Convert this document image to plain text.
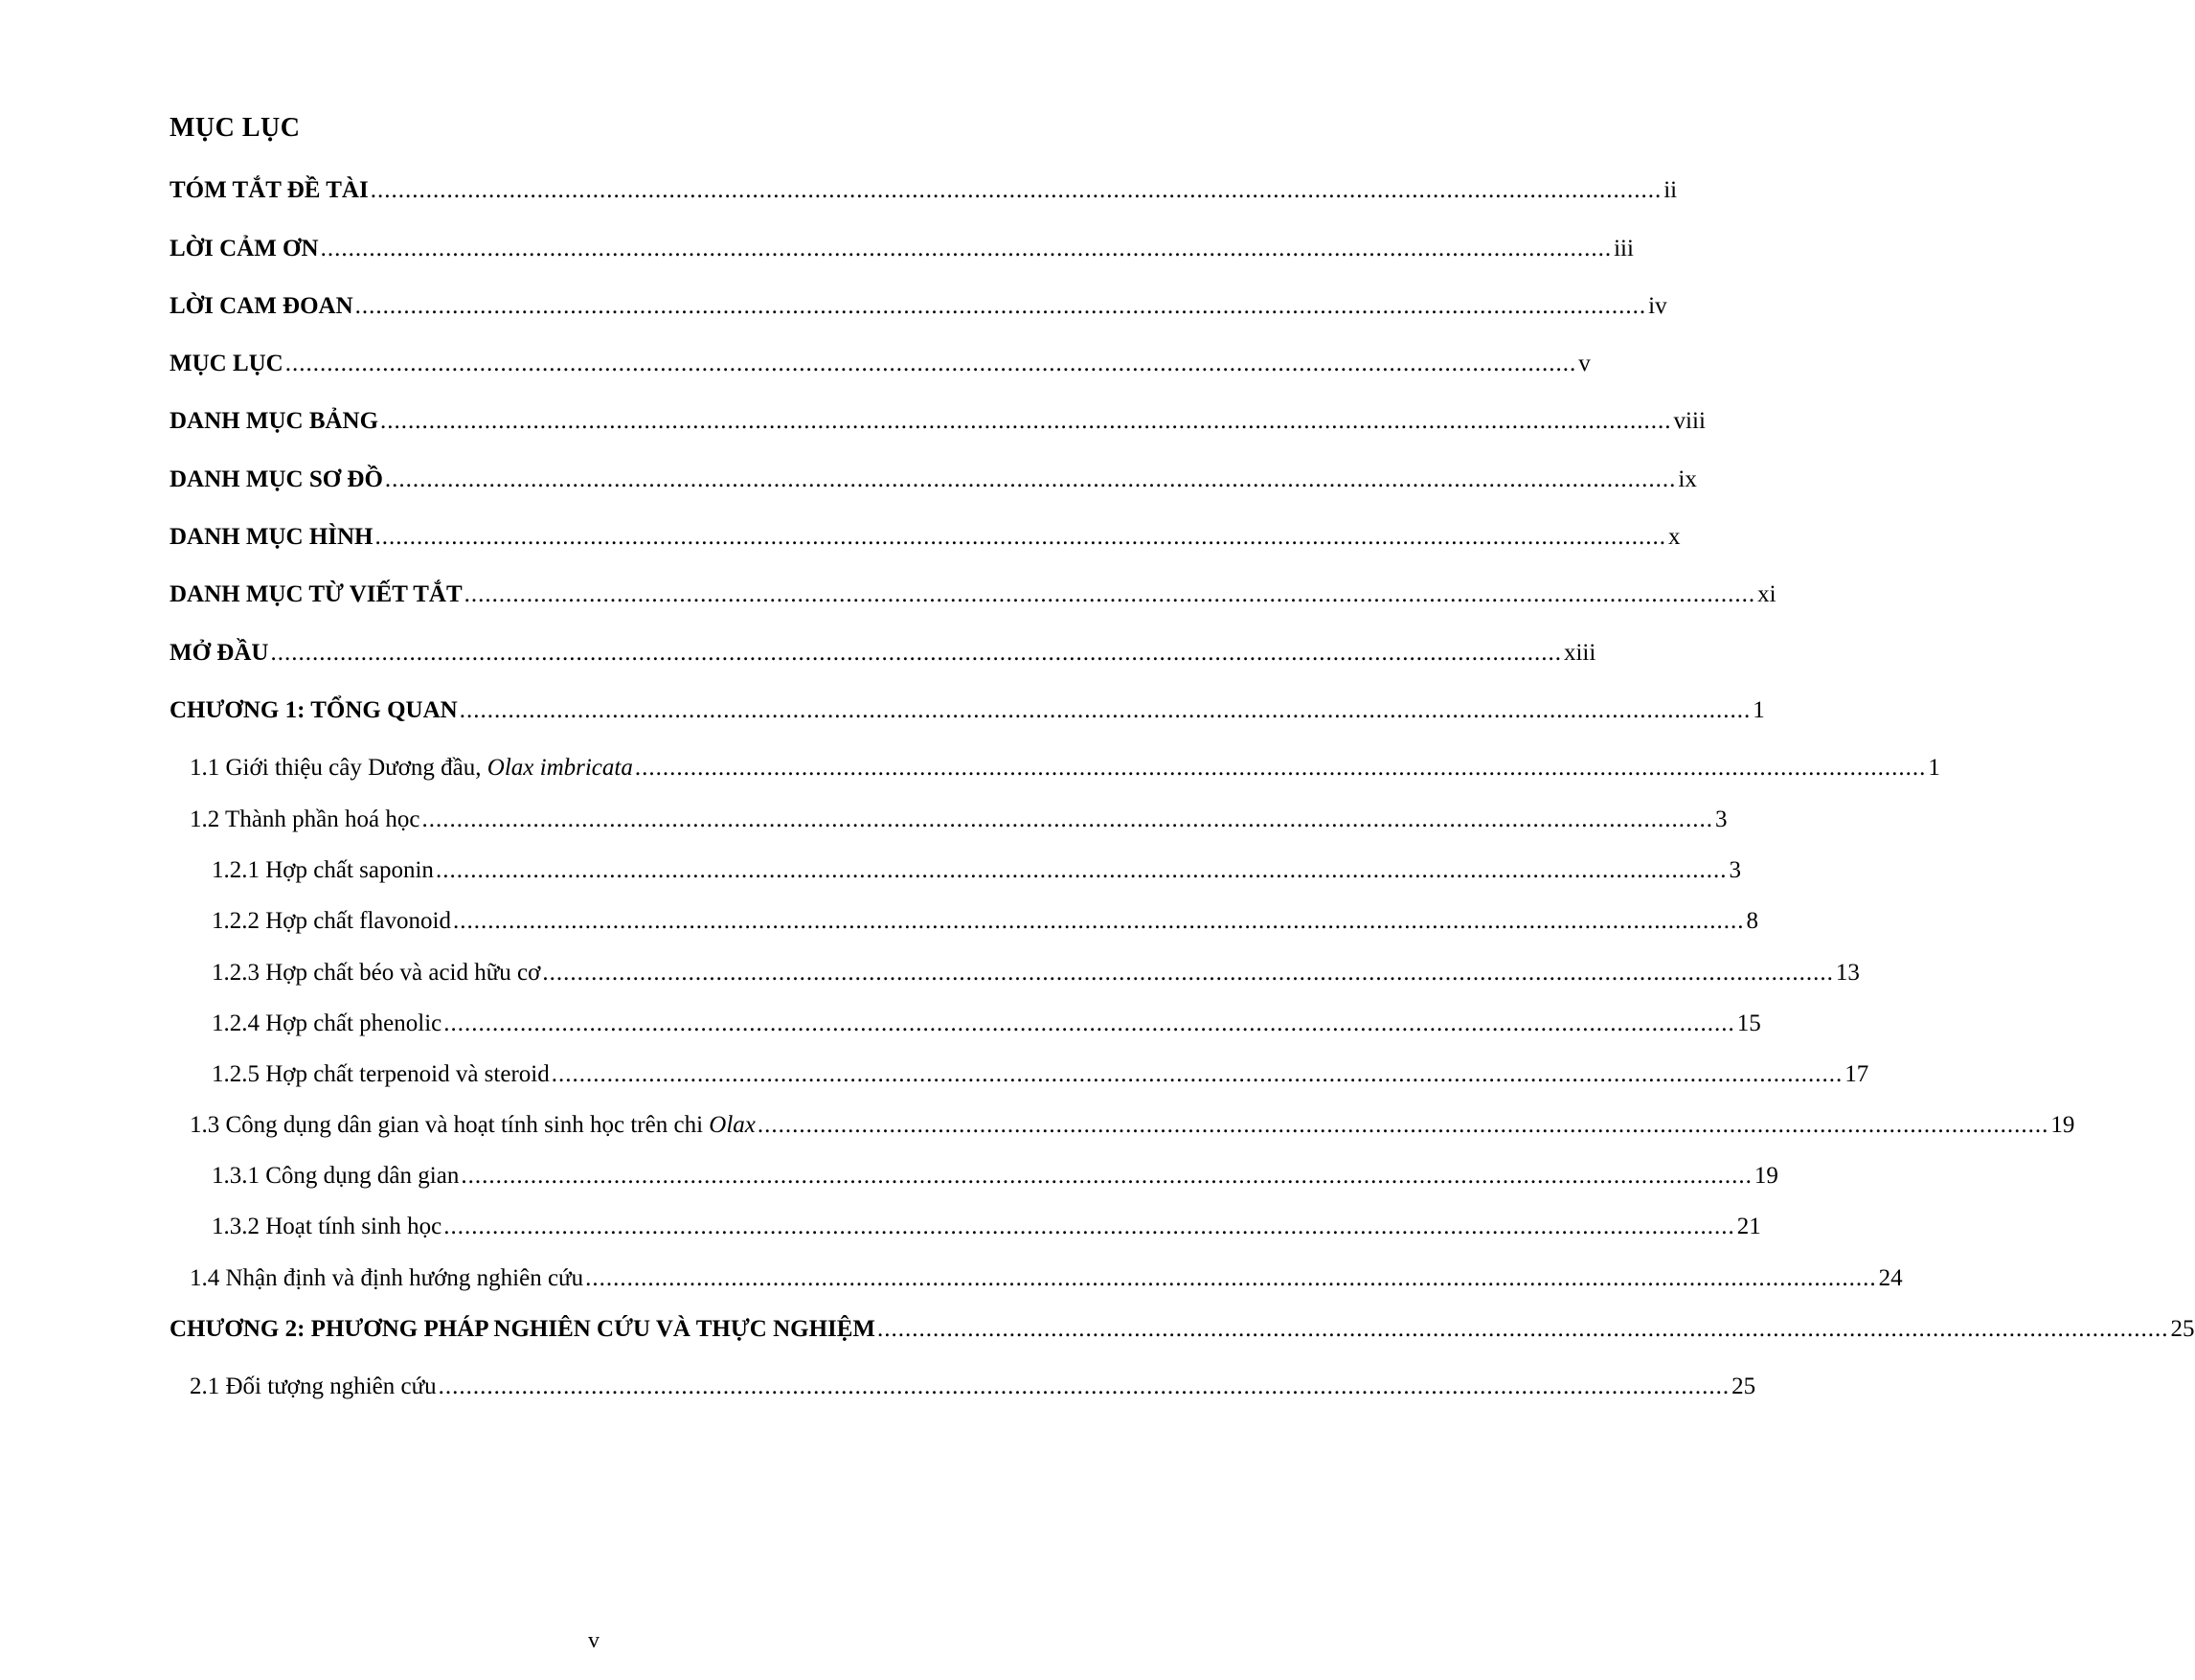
MỤC LỤC
TÓM TẮT ĐỀ TÀI .......................................................................................................................................................................................... ii
LỜI CẢM ƠN .......................................................................................................................................................................................... iii
LỜI CAM ĐOAN .......................................................................................................................................................................................... iv
MỤC LỤC .......................................................................................................................................................................................... v
DANH MỤC BẢNG .......................................................................................................................................................................................... viii
DANH MỤC SƠ ĐỒ .......................................................................................................................................................................................... ix
DANH MỤC HÌNH .......................................................................................................................................................................................... x
DANH MỤC TỪ VIẾT TẮT .......................................................................................................................................................................................... xi
MỞ ĐẦU .......................................................................................................................................................................................... xiii
CHƯƠNG 1: TỔNG QUAN .......................................................................................................................................................................................... 1
1.1 Giới thiệu cây Dương đầu, Olax imbricata .......................................................................................................................................................................................... 1
1.2 Thành phần hoá học .......................................................................................................................................................................................... 3
1.2.1 Hợp chất saponin .......................................................................................................................................................................................... 3
1.2.2 Hợp chất flavonoid .......................................................................................................................................................................................... 8
1.2.3 Hợp chất béo và acid hữu cơ .......................................................................................................................................................................................... 13
1.2.4 Hợp chất phenolic .......................................................................................................................................................................................... 15
1.2.5 Hợp chất terpenoid và steroid .......................................................................................................................................................................................... 17
1.3 Công dụng dân gian và hoạt tính sinh học trên chi Olax .......................................................................................................................................................................................... 19
1.3.1 Công dụng dân gian .......................................................................................................................................................................................... 19
1.3.2 Hoạt tính sinh học .......................................................................................................................................................................................... 21
1.4 Nhận định và định hướng nghiên cứu .......................................................................................................................................................................................... 24
CHƯƠNG 2: PHƯƠNG PHÁP NGHIÊN CỨU VÀ THỰC NGHIỆM .......................................................................................................................................................................................... 25
2.1 Đối tượng nghiên cứu .......................................................................................................................................................................................... 25
v
